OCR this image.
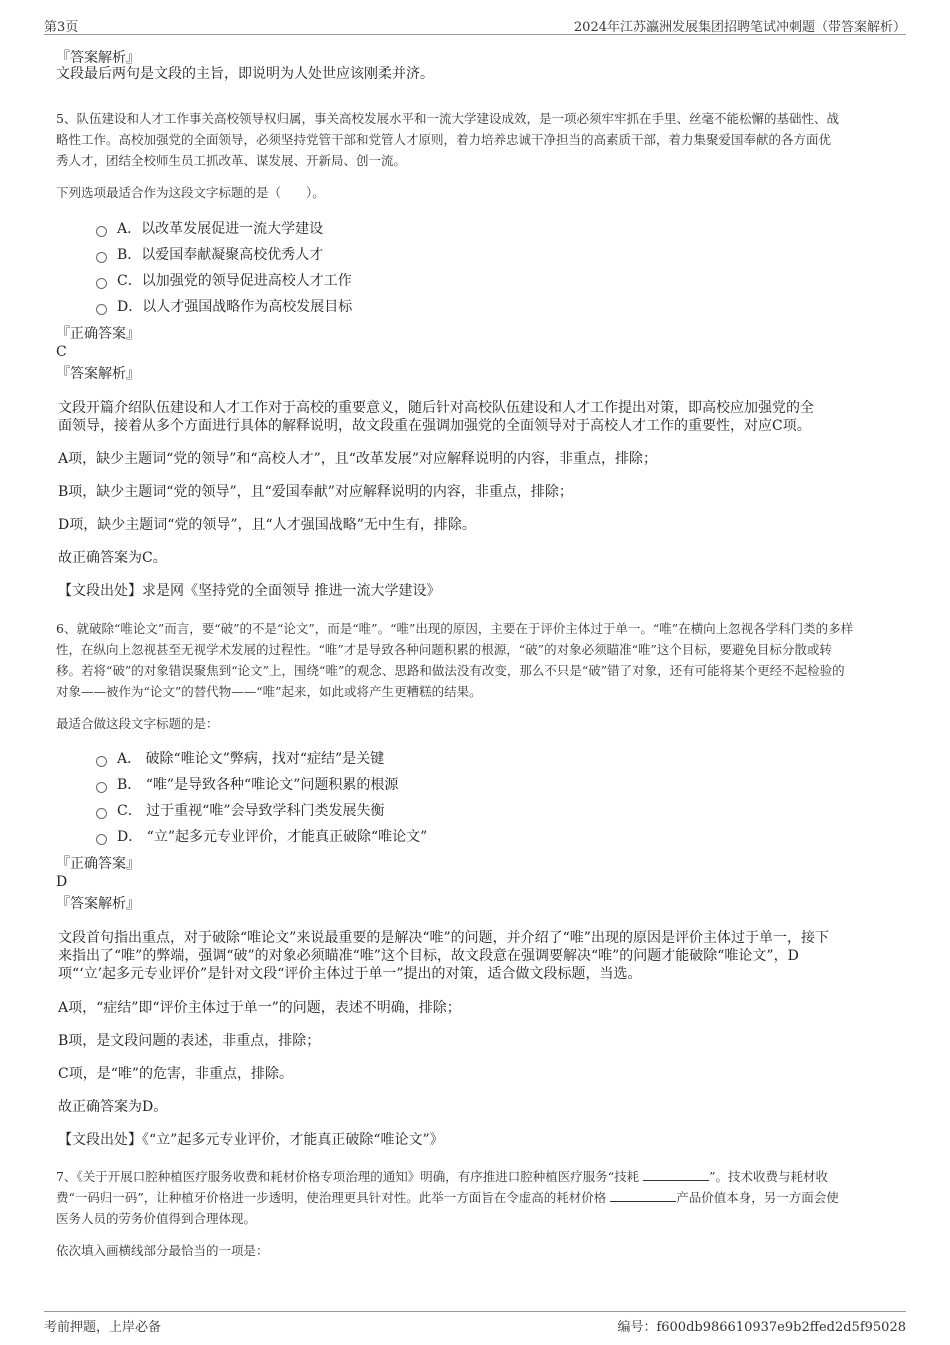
第3页	2024年江苏瀛洲发展集团招聘笔试冲刺题（带答案解析）
『答案解析』
文段最后两句是文段的主旨，即说明为人处世应该刚柔并济。
5、队伍建设和人才工作事关高校领导权归属，事关高校发展水平和一流大学建设成效，是一项必须牢牢抓在手里、丝毫不能松懈的基础性、战
略性工作。高校加强党的全面领导，必须坚持党管干部和党管人才原则，着力培养忠诚干净担当的高素质干部，着力集聚爱国奉献的各方面优
秀人才，团结全校师生员工抓改革、谋发展、开新局、创一流。
下列选项最适合作为这段文字标题的是（　　）。
A．以改革发展促进一流大学建设
B．以爱国奉献凝聚高校优秀人才
C．以加强党的领导促进高校人才工作
D．以人才强国战略作为高校发展目标
『正确答案』
C
『答案解析』
文段开篇介绍队伍建设和人才工作对于高校的重要意义，随后针对高校队伍建设和人才工作提出对策，即高校应加强党的全
面领导，接着从多个方面进行具体的解释说明，故文段重在强调加强党的全面领导对于高校人才工作的重要性，对应C项。
A项，缺少主题词“党的领导”和“高校人才”，且“改革发展”对应解释说明的内容，非重点，排除；
B项，缺少主题词“党的领导”，且“爱国奉献”对应解释说明的内容，非重点，排除；
D项，缺少主题词“党的领导”，且“人才强国战略”无中生有，排除。
故正确答案为C。
【文段出处】求是网《坚持党的全面领导 推进一流大学建设》
6、就破除“唯论文”而言，要“破”的不是“论文”，而是“唯”。“唯”出现的原因，主要在于评价主体过于单一。“唯”在横向上忽视各学科门类的多样
性，在纵向上忽视甚至无视学术发展的过程性。“唯”才是导致各种问题积累的根源，“破”的对象必须瞄准“唯”这个目标，要避免目标分散或转
移。若将“破”的对象错误聚焦到“论文”上，围绕“唯”的观念、思路和做法没有改变，那么不只是“破”错了对象，还有可能将某个更经不起检验的
对象——被作为“论文”的替代物——“唯”起来，如此或将产生更糟糕的结果。
最适合做这段文字标题的是：
A． 破除“唯论文”弊病，找对“症结”是关键
B． “唯”是导致各种“唯论文”问题积累的根源
C． 过于重视“唯”会导致学科门类发展失衡
D． “立”起多元专业评价，才能真正破除“唯论文”
『正确答案』
D
『答案解析』
文段首句指出重点，对于破除“唯论文”来说最重要的是解决“唯”的问题，并介绍了“唯”出现的原因是评价主体过于单一，接下
来指出了“唯”的弊端，强调“破”的对象必须瞄准“唯”这个目标，故文段意在强调要解决“唯”的问题才能破除“唯论文”，D
项“‘立’起多元专业评价”是针对文段“评价主体过于单一”提出的对策，适合做文段标题，当选。
A项，“症结”即“评价主体过于单一”的问题，表述不明确，排除；
B项，是文段问题的表述，非重点，排除；
C项，是“唯”的危害，非重点，排除。
故正确答案为D。
【文段出处】《“立”起多元专业评价，才能真正破除“唯论文”》
7、《关于开展口腔种植医疗服务收费和耗材价格专项治理的通知》明确，有序推进口腔种植医疗服务“技耗	”。技术收费与耗材收
费“一码归一码”，让种植牙价格进一步透明，使治理更具针对性。此举一方面旨在令虚高的耗材价格	产品价值本身，另一方面会使
医务人员的劳务价值得到合理体现。
依次填入画横线部分最恰当的一项是：
考前押题，上岸必备	编号：f600db986610937e9b2ffed2d5f95028
